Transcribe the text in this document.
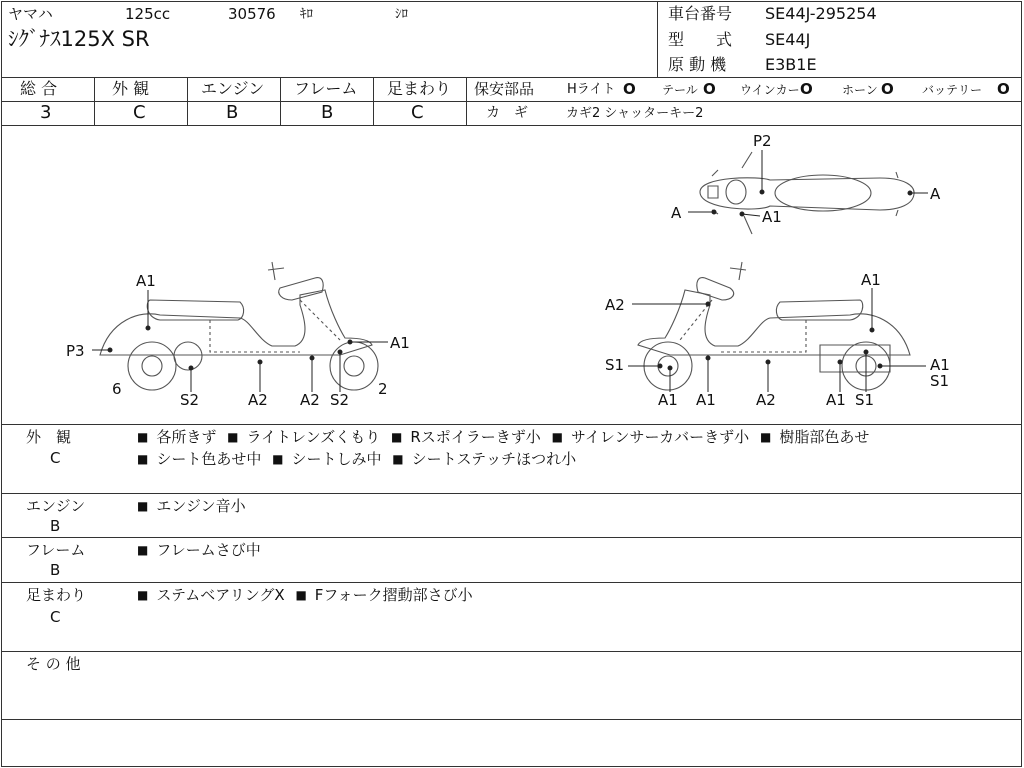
ヤマハ	125cc	30576 ｷﾛ	ｼﾛ
ｼｸﾞﾅｽ125X SR
車台番号 SE44J-295254
型　　式 SE44J
原 動 機 E3B1E
総 合
3
外 観
C
エンジン
B
フレーム
B
足まわり
C
保安部品	Hライト O テール O ウインカー O ホーン O バッテリー O
カ　ギ	カギ2 シャッターキー2
P2
A
A	A1
A1
P3	A1
6	2
S2	A2 A2 S2
A2
A1
S1	A1
S1
A1 A1	A2	A1 S1
外　観
C
■ 各所きず ■ ライトレンズくもり ■ Rスポイラーきず小 ■ サイレンサーカバーきず小 ■ 樹脂部色あせ
■ シート色あせ中 ■ シートしみ中 ■ シートステッチほつれ小
エンジン
B
■ エンジン音小
フレーム
B
■ フレームさび中
足まわり
C
■ ステムベアリングX ■ Fフォーク摺動部さび小
そ の 他
